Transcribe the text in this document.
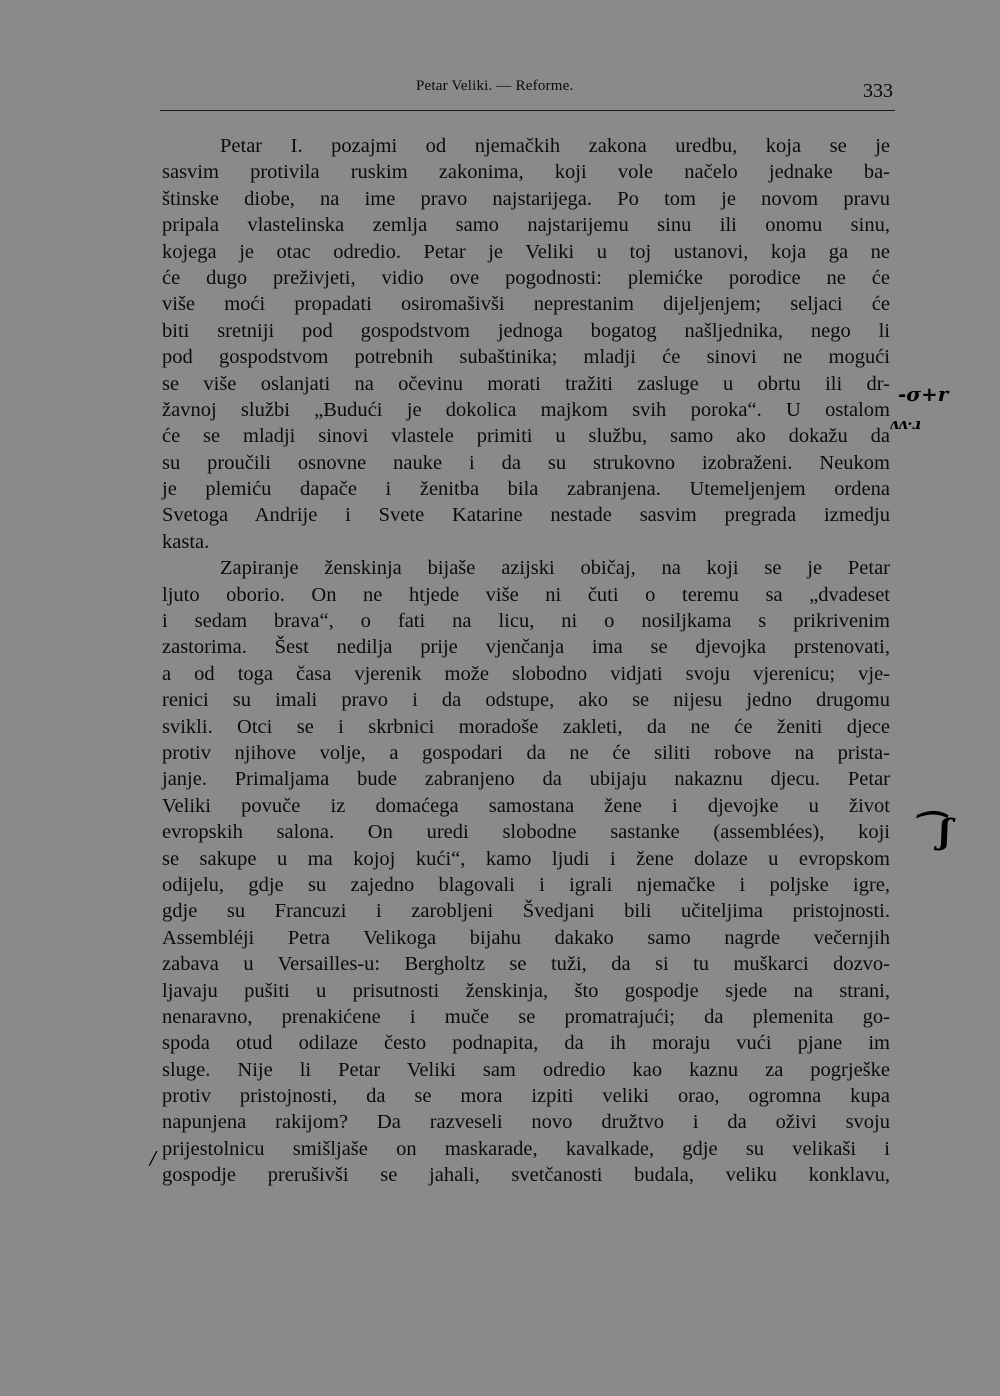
Petar Veliki. — Reforme.	333
Petar I. pozajmi od njemačkih zakona uredbu, koja se je
sasvim protivila ruskim zakonima, koji vole načelo jednake ba-
štinske diobe, na ime pravo najstarijega. Po tom je novom pravu
pripala vlastelinska zemlja samo najstarijemu sinu ili onomu sinu,
kojega je otac odredio. Petar je Veliki u toj ustanovi, koja ga ne
će dugo preživjeti, vidio ove pogodnosti: plemićke porodice ne će
više moći propadati osiromašivši neprestanim dijeljenjem; seljaci će
biti sretniji pod gospodstvom jednoga bogatog našljednika, nego li
pod gospodstvom potrebnih subaštinika; mladji će sinovi ne mogući
se više oslanjati na očevinu morati tražiti zasluge u obrtu ili dr-
žavnoj službi „Budući je dokolica majkom svih poroka“. U ostalom
će se mladji sinovi vlastele primiti u službu, samo ako dokažu da
su proučili osnovne nauke i da su strukovno izobraženi. Neukom
je plemiću dapače i ženitba bila zabranjena. Utemeljenjem ordena
Svetoga Andrije i Svete Katarine nestade sasvim pregrada izmedju
kasta.
Zapiranje ženskinja bijaše azijski običaj, na koji se je Petar
ljuto oborio. On ne htjede više ni čuti o teremu sa „dvadeset
i sedam brava“, o fati na licu, ni o nosiljkama s prikrivenim
zastorima. Šest nedilja prije vjenčanja ima se djevojka prstenovati,
a od toga časa vjerenik može slobodno vidjati svoju vjerenicu; vje-
renici su imali pravo i da odstupe, ako se nijesu jedno drugomu
svikli. Otci se i skrbnici moradoše zakleti, da ne će ženiti djece
protiv njihove volje, a gospodari da ne će siliti robove na prista-
janje. Primaljama bude zabranjeno da ubijaju nakaznu djecu. Petar
Veliki povuče iz domaćega samostana žene i djevojke u život
evropskih salona. On uredi slobodne sastanke (assemblées), koji
se sakupe u ma kojoj kući“, kamo ljudi i žene dolaze u evropskom
odijelu, gdje su zajedno blagovali i igrali njemačke i poljske igre,
gdje su Francuzi i zarobljeni Švedjani bili učiteljima pristojnosti.
Assembléji Petra Velikoga bijahu dakako samo nagrde večernjih
zabava u Versailles-u: Bergholtz se tuži, da si tu muškarci dozvo-
ljavaju pušiti u prisutnosti ženskinja, što gospodje sjede na strani,
nenaravno, prenakićene i muče se promatrajući; da plemenita go-
spoda otud odilaze često podnapita, da ih moraju vući pjane im
sluge. Nije li Petar Veliki sam odredio kao kaznu za pogrješke
protiv pristojnosti, da se mora izpiti veliki orao, ogromna kupa
napunjena rakijom? Da razveseli novo družtvo i da oživi svoju
prijestolnicu smišljaše on maskarade, kavalkade, gdje su velikaši i
gospodje prerušivši se jahali, svetčanosti budala, veliku konklavu,
-σ+r
ʌʌ·ɹ
⁀ʃ
/
